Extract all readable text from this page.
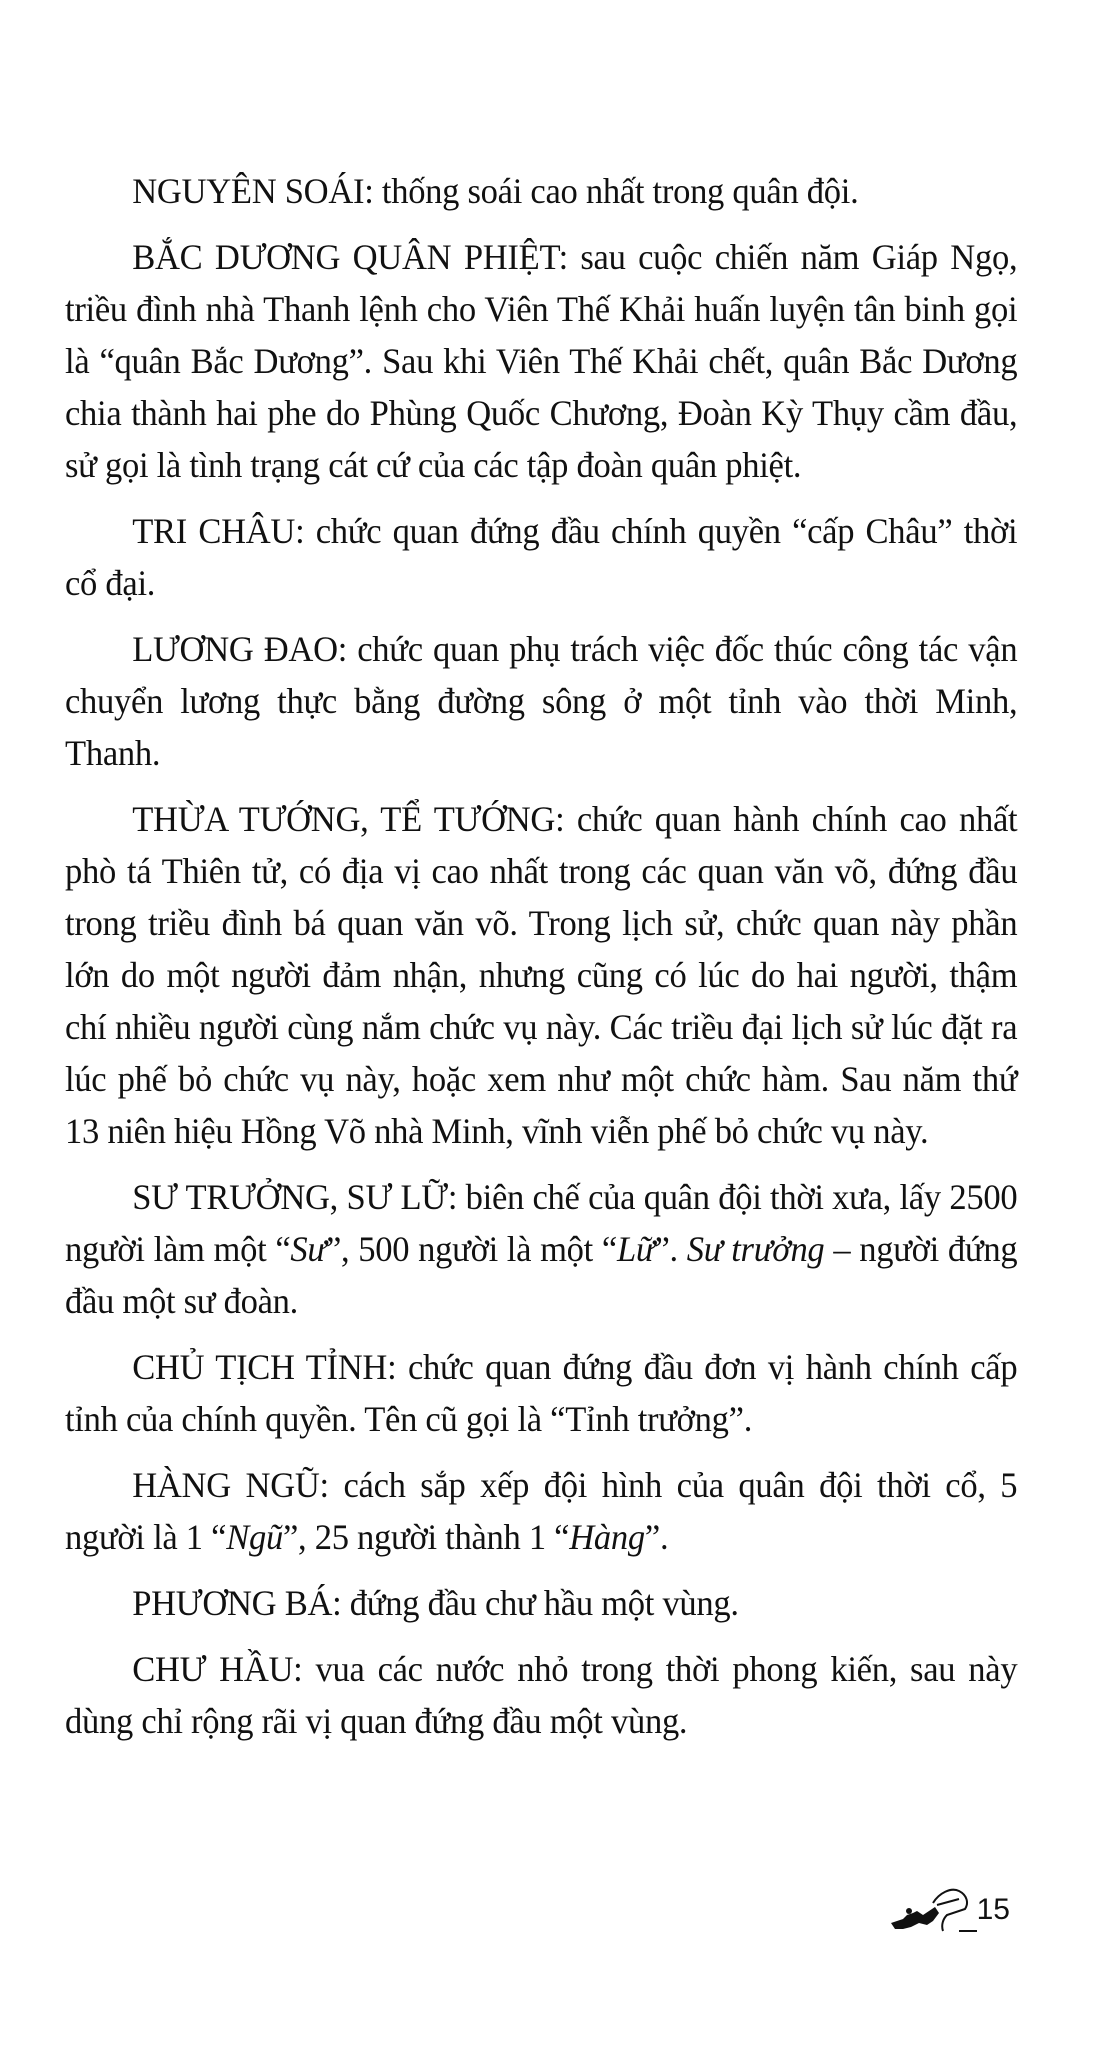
NGUYÊN SOÁI: thống soái cao nhất trong quân đội.

BẮC DƯƠNG QUÂN PHIỆT: sau cuộc chiến năm Giáp Ngọ, triều đình nhà Thanh lệnh cho Viên Thế Khải huấn luyện tân binh gọi là “quân Bắc Dương”. Sau khi Viên Thế Khải chết, quân Bắc Dương chia thành hai phe do Phùng Quốc Chương, Đoàn Kỳ Thụy cầm đầu, sử gọi là tình trạng cát cứ của các tập đoàn quân phiệt.

TRI CHÂU: chức quan đứng đầu chính quyền “cấp Châu” thời cổ đại.

LƯƠNG ĐAO: chức quan phụ trách việc đốc thúc công tác vận chuyển lương thực bằng đường sông ở một tỉnh vào thời Minh, Thanh.

THỪA TƯỚNG, TỂ TƯỚNG: chức quan hành chính cao nhất phò tá Thiên tử, có địa vị cao nhất trong các quan văn võ, đứng đầu trong triều đình bá quan văn võ. Trong lịch sử, chức quan này phần lớn do một người đảm nhận, nhưng cũng có lúc do hai người, thậm chí nhiều người cùng nắm chức vụ này. Các triều đại lịch sử lúc đặt ra lúc phế bỏ chức vụ này, hoặc xem như một chức hàm. Sau năm thứ 13 niên hiệu Hồng Võ nhà Minh, vĩnh viễn phế bỏ chức vụ này.

SƯ TRƯỞNG, SƯ LỮ: biên chế của quân đội thời xưa, lấy 2500 người làm một “Sư”, 500 người là một “Lữ”. Sư trưởng – người đứng đầu một sư đoàn.

CHỦ TỊCH TỈNH: chức quan đứng đầu đơn vị hành chính cấp tỉnh của chính quyền. Tên cũ gọi là “Tỉnh trưởng”.

HÀNG NGŨ: cách sắp xếp đội hình của quân đội thời cổ, 5 người là 1 “Ngũ”, 25 người thành 1 “Hàng”.

PHƯƠNG BÁ: đứng đầu chư hầu một vùng.

CHƯ HẦU: vua các nước nhỏ trong thời phong kiến, sau này dùng chỉ rộng rãi vị quan đứng đầu một vùng.

15
